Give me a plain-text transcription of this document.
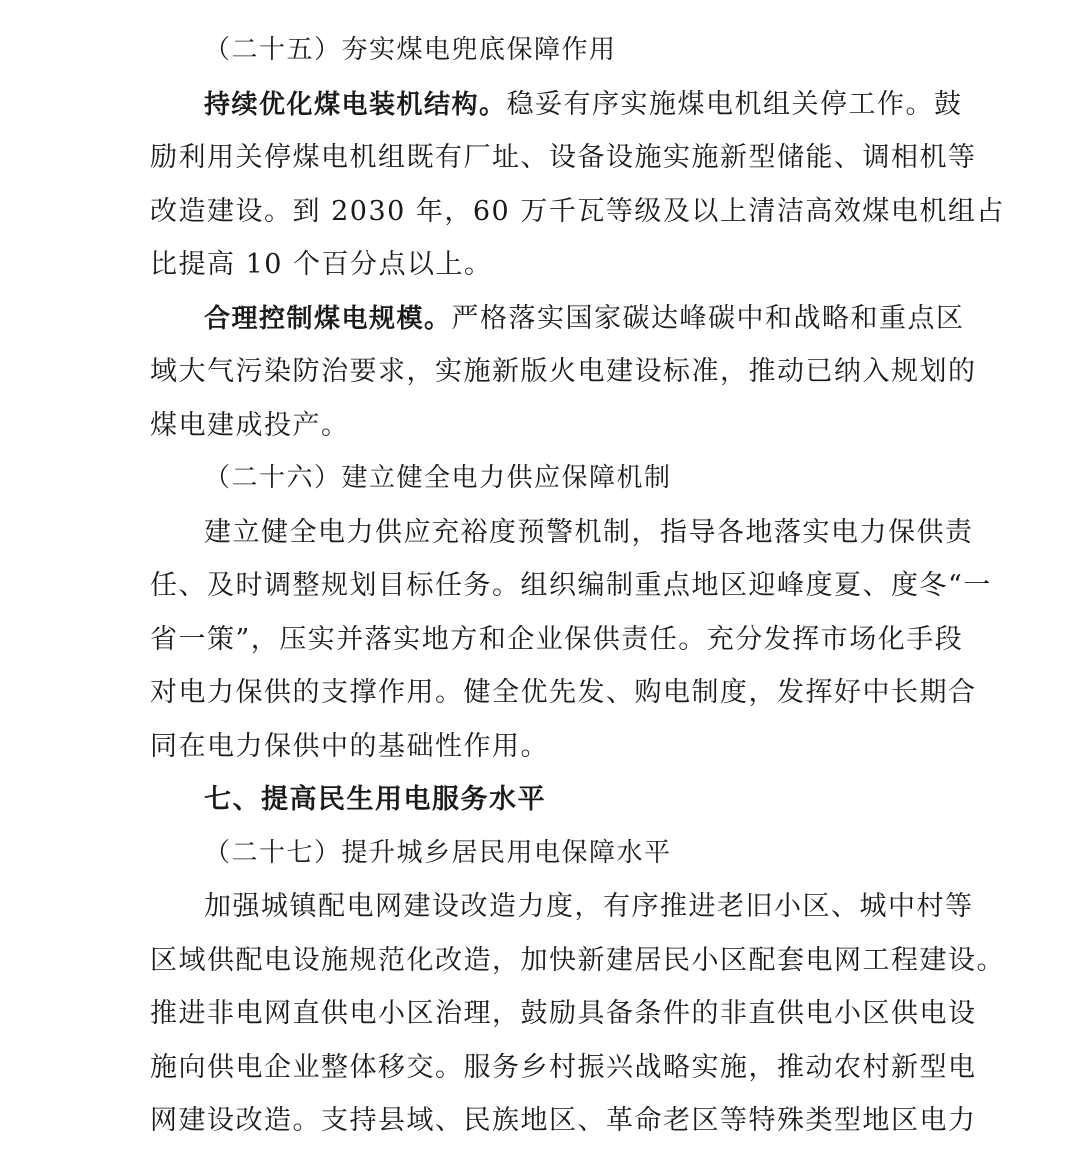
（二十五）夯实煤电兜底保障作用
持续优化煤电装机结构。稳妥有序实施煤电机组关停工作。鼓
励利用关停煤电机组既有厂址、设备设施实施新型储能、调相机等
改造建设。到 2030 年，60 万千瓦等级及以上清洁高效煤电机组占
比提高 10 个百分点以上。
合理控制煤电规模。严格落实国家碳达峰碳中和战略和重点区
域大气污染防治要求，实施新版火电建设标准，推动已纳入规划的
煤电建成投产。
（二十六）建立健全电力供应保障机制
建立健全电力供应充裕度预警机制，指导各地落实电力保供责
任、及时调整规划目标任务。组织编制重点地区迎峰度夏、度冬“一
省一策”，压实并落实地方和企业保供责任。充分发挥市场化手段
对电力保供的支撑作用。健全优先发、购电制度，发挥好中长期合
同在电力保供中的基础性作用。
七、提高民生用电服务水平
（二十七）提升城乡居民用电保障水平
加强城镇配电网建设改造力度，有序推进老旧小区、城中村等
区域供配电设施规范化改造，加快新建居民小区配套电网工程建设。
推进非电网直供电小区治理，鼓励具备条件的非直供电小区供电设
施向供电企业整体移交。服务乡村振兴战略实施，推动农村新型电
网建设改造。支持县域、民族地区、革命老区等特殊类型地区电力
